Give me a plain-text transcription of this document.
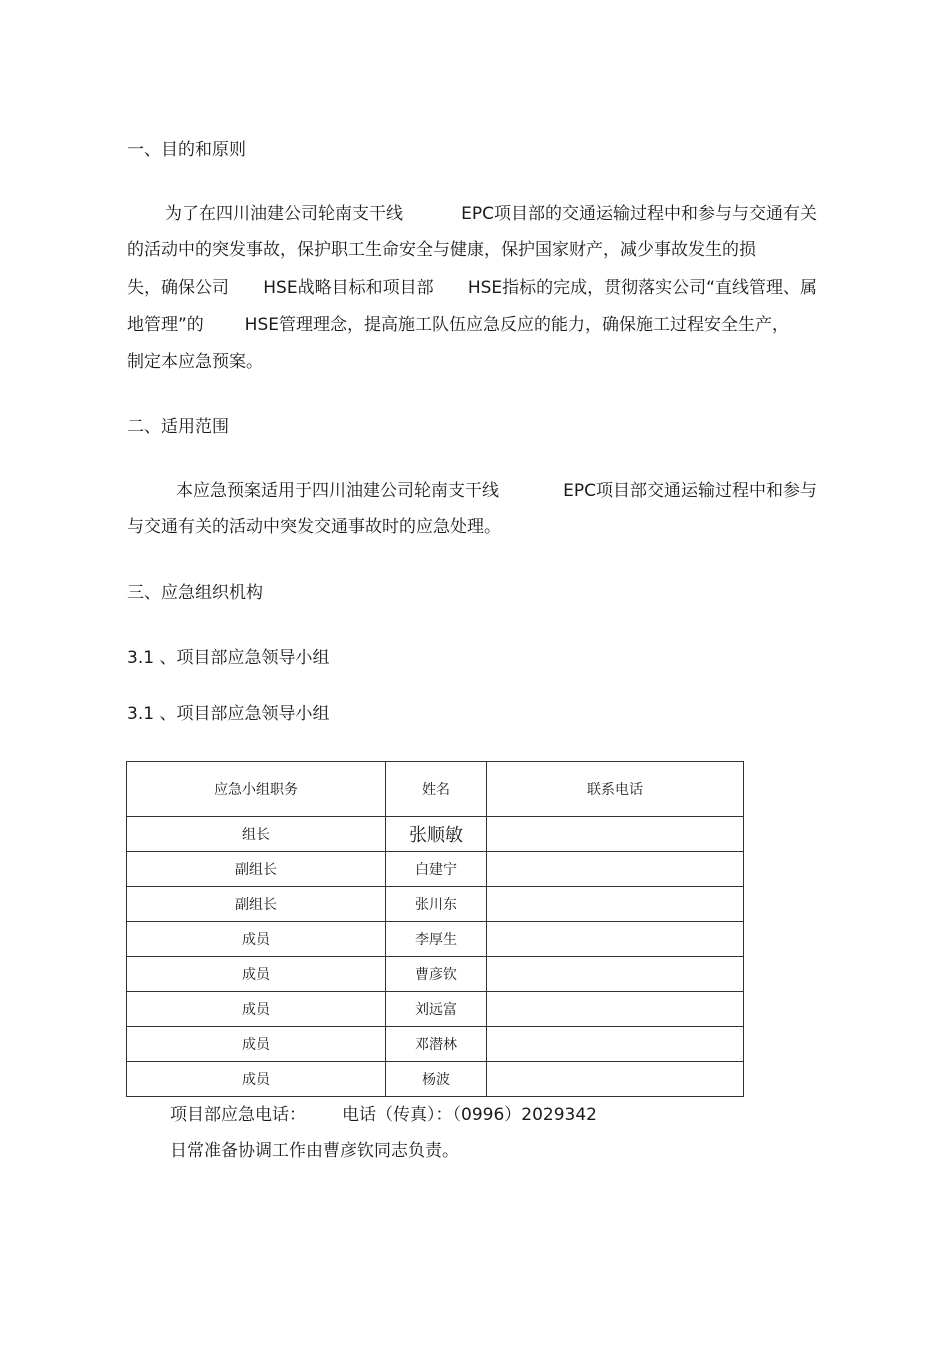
一、目的和原则
为了在四川油建公司轮南支干线	EPC项目部的交通运输过程中和参与与交通有关
的活动中的突发事故，保护职工生命安全与健康，保护国家财产，减少事故发生的损
失，确保公司 HSE战略目标和项目部 HSE指标的完成，贯彻落实公司“直线管理、属
地管理”的 HSE管理理念，提高施工队伍应急反应的能力，确保施工过程安全生产，
制定本应急预案。
二、适用范围
本应急预案适用于四川油建公司轮南支干线	EPC项目部交通运输过程中和参与
与交通有关的活动中突发交通事故时的应急处理。
三、应急组织机构
3.1 、项目部应急领导小组
3.1 、项目部应急领导小组
应急小组职务	姓名	联系电话
组长	张顺敏	
副组长	白建宁	
副组长	张川东	
成员	李厚生	
成员	曹彦钦	
成员	刘远富	
成员	邓潜林	
成员	杨波	
项目部应急电话： 电话（传真）：（0996）2029342
日常准备协调工作由曹彦钦同志负责。
